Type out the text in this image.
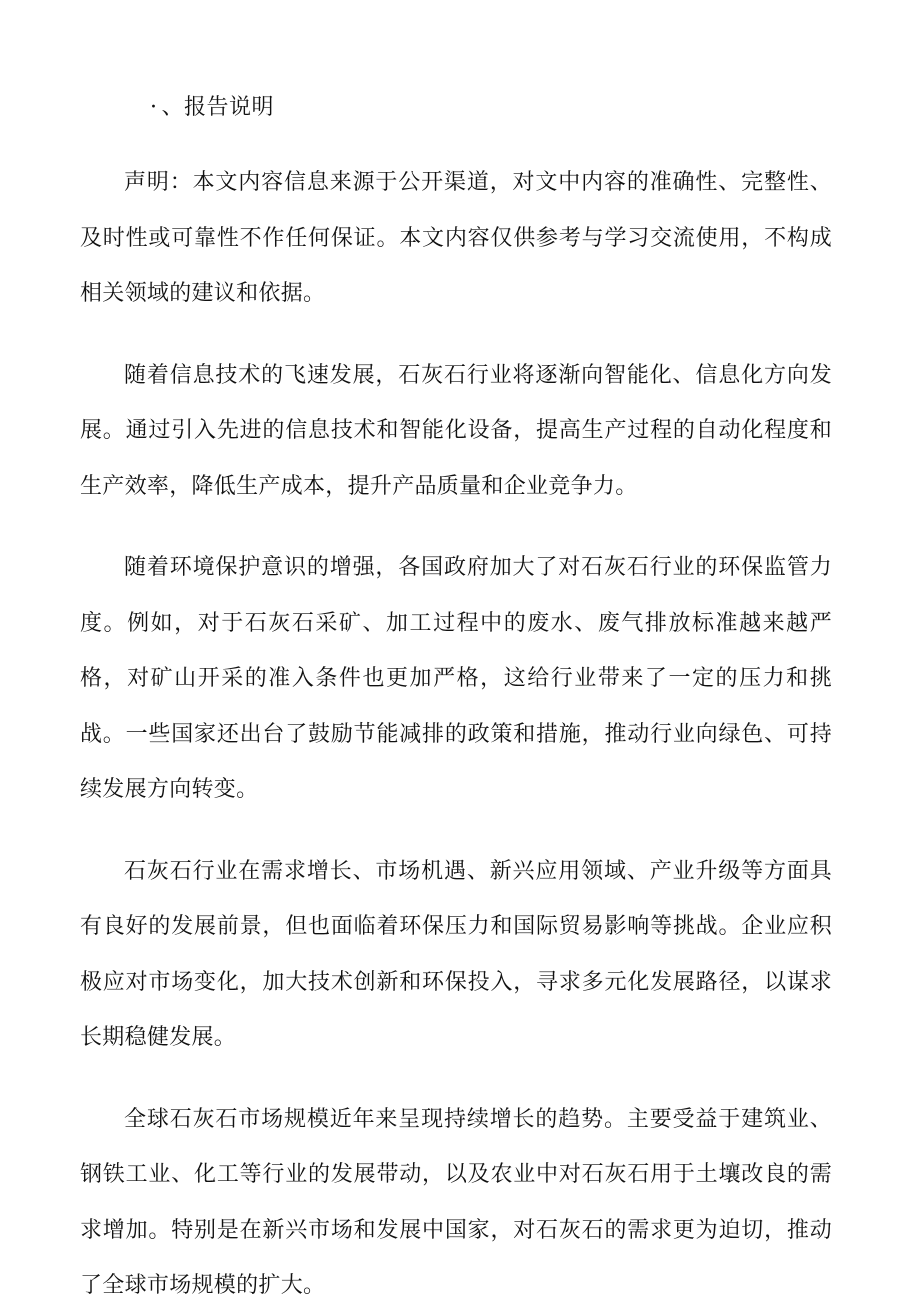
· 、报告说明

声明：本文内容信息来源于公开渠道，对文中内容的准确性、完整性、及时性或可靠性不作任何保证。本文内容仅供参考与学习交流使用，不构成相关领域的建议和依据。

随着信息技术的飞速发展，石灰石行业将逐渐向智能化、信息化方向发展。通过引入先进的信息技术和智能化设备，提高生产过程的自动化程度和生产效率，降低生产成本，提升产品质量和企业竞争力。

随着环境保护意识的增强，各国政府加大了对石灰石行业的环保监管力度。例如，对于石灰石采矿、加工过程中的废水、废气排放标准越来越严格，对矿山开采的准入条件也更加严格，这给行业带来了一定的压力和挑战。一些国家还出台了鼓励节能减排的政策和措施，推动行业向绿色、可持续发展方向转变。

石灰石行业在需求增长、市场机遇、新兴应用领域、产业升级等方面具有良好的发展前景，但也面临着环保压力和国际贸易影响等挑战。企业应积极应对市场变化，加大技术创新和环保投入，寻求多元化发展路径，以谋求长期稳健发展。

全球石灰石市场规模近年来呈现持续增长的趋势。主要受益于建筑业、钢铁工业、化工等行业的发展带动，以及农业中对石灰石用于土壤改良的需求增加。特别是在新兴市场和发展中国家，对石灰石的需求更为迫切，推动了全球市场规模的扩大。
